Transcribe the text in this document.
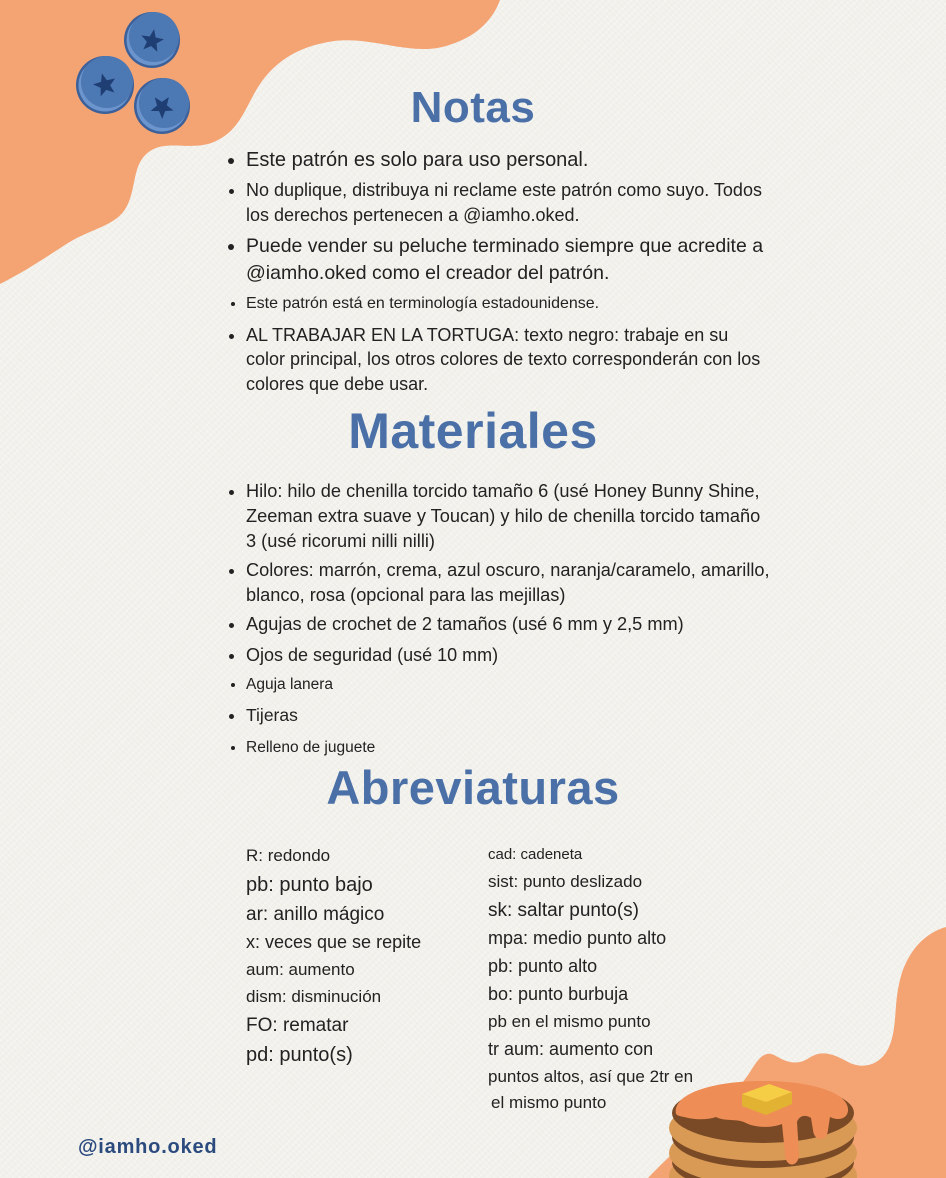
Notas
• Este patrón es solo para uso personal.
• No duplique, distribuya ni reclame este patrón como suyo. Todos los derechos pertenecen a @iamho.oked.
• Puede vender su peluche terminado siempre que acredite a @iamho.oked como el creador del patrón.
• Este patrón está en terminología estadounidense.
• AL TRABAJAR EN LA TORTUGA: texto negro: trabaje en su color principal, los otros colores de texto corresponderán con los colores que debe usar.
Materiales
• Hilo: hilo de chenilla torcido tamaño 6 (usé Honey Bunny Shine, Zeeman extra suave y Toucan) y hilo de chenilla torcido tamaño 3 (usé ricorumi nilli nilli)
• Colores: marrón, crema, azul oscuro, naranja/caramelo, amarillo, blanco, rosa (opcional para las mejillas)
• Agujas de crochet de 2 tamaños (usé 6 mm y 2,5 mm)
• Ojos de seguridad (usé 10 mm)
• Aguja lanera
• Tijeras
• Relleno de juguete
Abreviaturas
R: redondo
pb: punto bajo
ar: anillo mágico
x: veces que se repite
aum: aumento
dism: disminución
FO: rematar
pd: punto(s)
cad: cadeneta
sist: punto deslizado
sk: saltar punto(s)
mpa: medio punto alto
pb: punto alto
bo: punto burbuja
pb en el mismo punto
tr aum: aumento con
puntos altos, así que 2tr en
el mismo punto
@iamho.oked
